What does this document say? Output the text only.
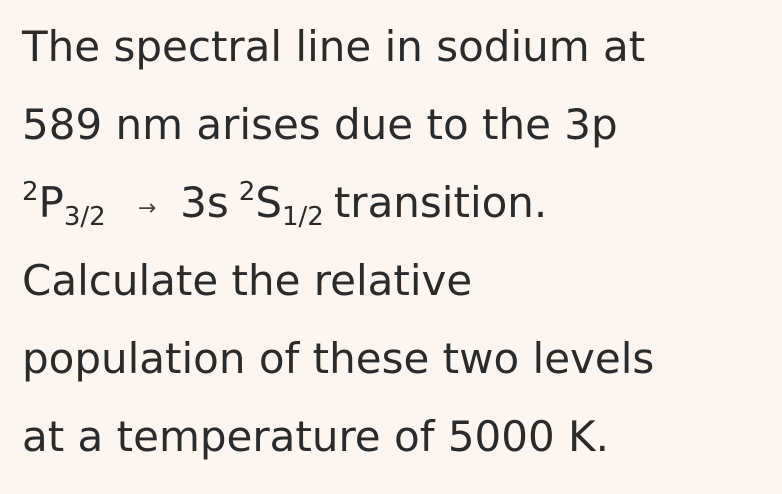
The spectral line in sodium at
589 nm arises due to the 3p
$^2$P3/2 → 3s $^2$S1/2 transition.
Calculate the relative
population of these two levels
at a temperature of 5000 K.
